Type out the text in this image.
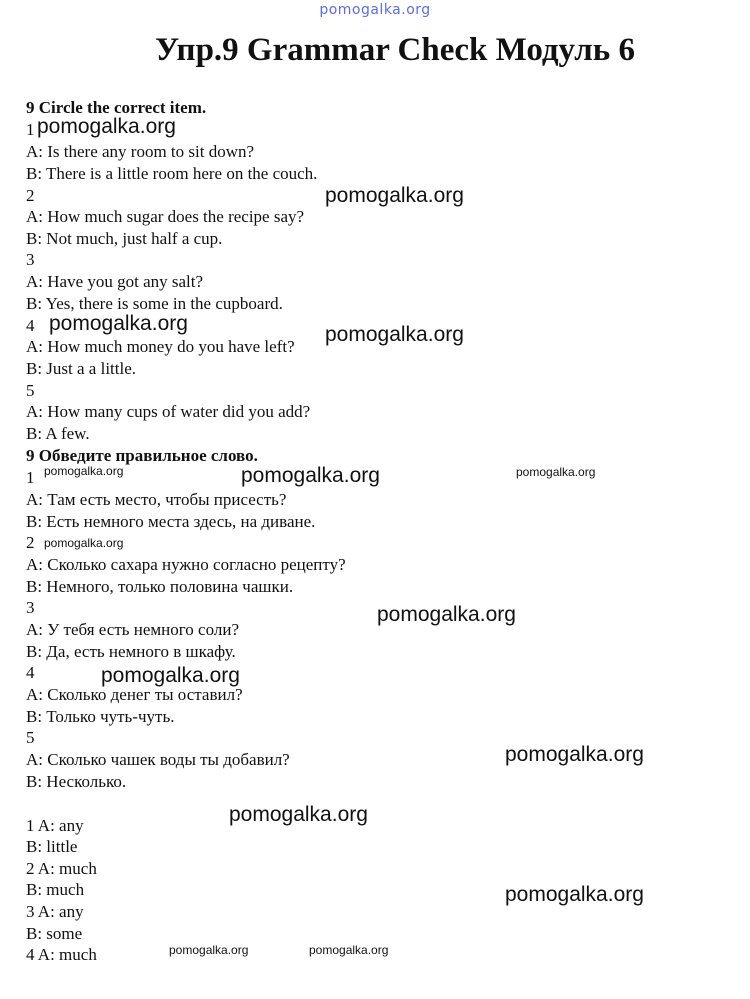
pomogalka.org
Упр.9 Grammar Check Модуль 6
9 Circle the correct item.
1
A: Is there any room to sit down?
B: There is a little room here on the couch.
2
A: How much sugar does the recipe say?
B: Not much, just half a cup.
3
A: Have you got any salt?
B: Yes, there is some in the cupboard.
4
A: How much money do you have left?
B: Just a a little.
5
A: How many cups of water did you add?
B: A few.
9 Обведите правильное слово.
1
A: Там есть место, чтобы присесть?
B: Есть немного места здесь, на диване.
2
A: Сколько сахара нужно согласно рецепту?
B: Немного, только половина чашки.
3
A: У тебя есть немного соли?
B: Да, есть немного в шкафу.
4
A: Сколько денег ты оставил?
B: Только чуть-чуть.
5
A: Сколько чашек воды ты добавил?
B: Несколько.
1 A: any
B: little
2 A: much
B: much
3 A: any
B: some
4 A: much
pomogalka.org
pomogalka.org
pomogalka.org	pomogalka.org
pomogalka.org	pomogalka.org	pomogalka.org
pomogalka.org
pomogalka.org
pomogalka.org
pomogalka.org
pomogalka.org
pomogalka.org
pomogalka.org	pomogalka.org
